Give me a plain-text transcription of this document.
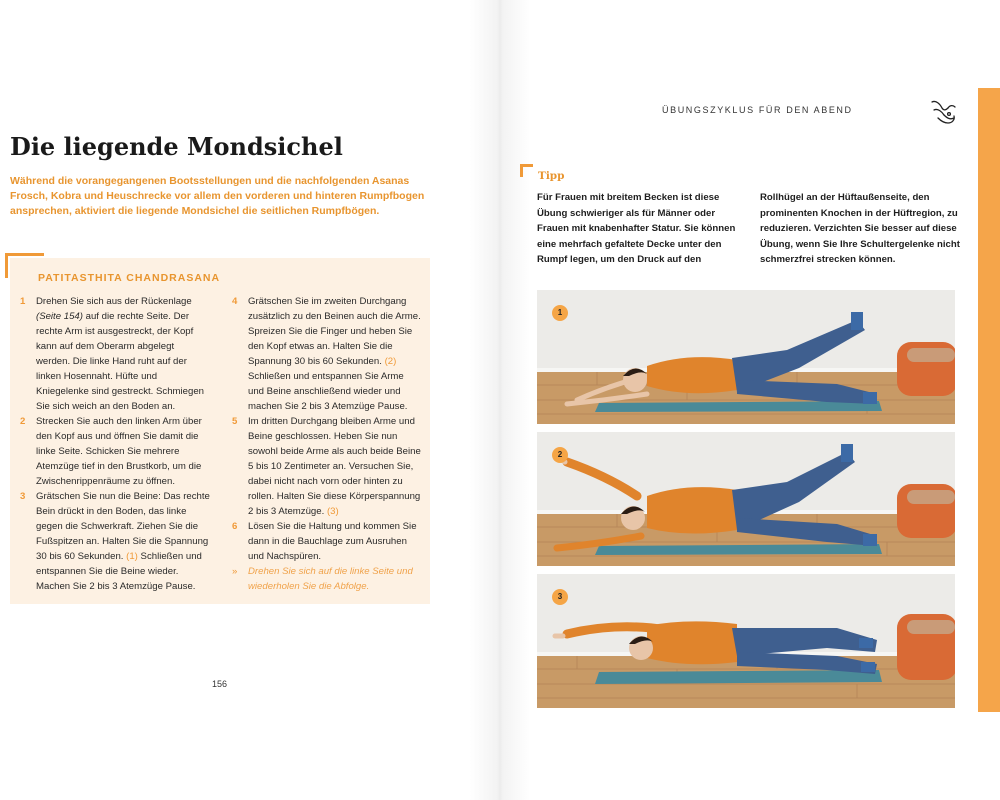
Die liegende Mondsichel

Während die vorangegangenen Bootsstellungen und die nachfolgenden Asanas Frosch, Kobra und Heuschrecke vor allem den vorderen und hinteren Rumpfbogen ansprechen, aktiviert die liegende Mondsichel die seitlichen Rumpfbögen.

PATITASTHITA CHANDRASANA

1 Drehen Sie sich aus der Rückenlage (Seite 154) auf die rechte Seite. Der rechte Arm ist ausgestreckt, der Kopf kann auf dem Oberarm abgelegt werden. Die linke Hand ruht auf der linken Hosennaht. Hüfte und Kniegelenke sind gestreckt. Schmiegen Sie sich weich an den Boden an.

2 Strecken Sie auch den linken Arm über den Kopf aus und öffnen Sie damit die linke Seite. Schicken Sie mehrere Atemzüge tief in den Brustkorb, um die Zwischenrippenräume zu öffnen.

3 Grätschen Sie nun die Beine: Das rechte Bein drückt in den Boden, das linke gegen die Schwerkraft. Ziehen Sie die Fußspitzen an. Halten Sie die Spannung 30 bis 60 Sekunden. (1) Schließen und entspannen Sie die Beine wieder. Machen Sie 2 bis 3 Atemzüge Pause.

4 Grätschen Sie im zweiten Durchgang zusätzlich zu den Beinen auch die Arme. Spreizen Sie die Finger und heben Sie den Kopf etwas an. Halten Sie die Spannung 30 bis 60 Sekunden. (2) Schließen und entspannen Sie Arme und Beine anschließend wieder und machen Sie 2 bis 3 Atemzüge Pause.

5 Im dritten Durchgang bleiben Arme und Beine geschlossen. Heben Sie nun sowohl beide Arme als auch beide Beine 5 bis 10 Zentimeter an. Versuchen Sie, dabei nicht nach vorn oder hinten zu rollen. Halten Sie diese Körperspannung 2 bis 3 Atemzüge. (3)

6 Lösen Sie die Haltung und kommen Sie dann in die Bauchlage zum Ausruhen und Nachspüren.

» Drehen Sie sich auf die linke Seite und wiederholen Sie die Abfolge.

156
ÜBUNGSZYKLUS FÜR DEN ABEND
Tipp
Für Frauen mit breitem Becken ist diese Übung schwieriger als für Männer oder Frauen mit knabenhafter Statur. Sie können eine mehrfach gefaltete Decke unter den Rumpf legen, um den Druck auf den
Rollhügel an der Hüftaußenseite, den prominenten Knochen in der Hüftregion, zu reduzieren. Verzichten Sie besser auf diese Übung, wenn Sie Ihre Schultergelenke nicht schmerzfrei strecken können.
1
2
3
